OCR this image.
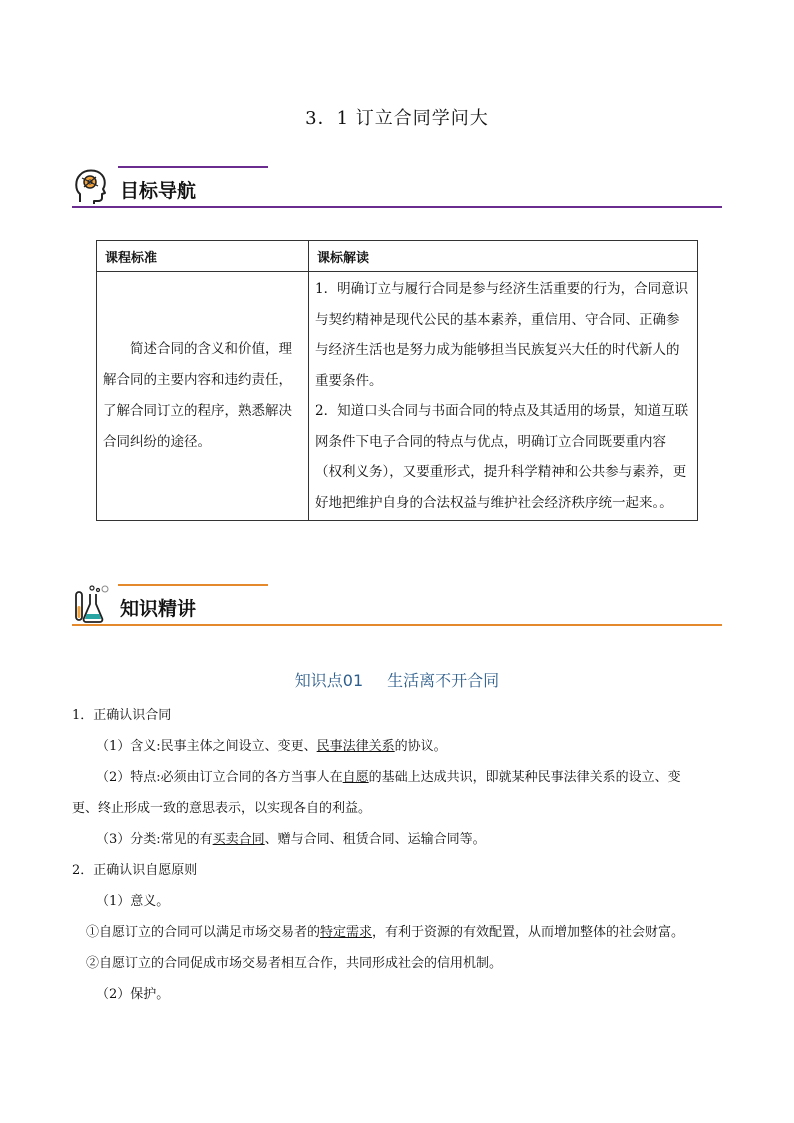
3．1 订立合同学问大
目标导航
课程标准	课标解读
简述合同的含义和价值，理解合同的主要内容和违约责任，了解合同订立的程序，熟悉解决合同纠纷的途径。	1．明确订立与履行合同是参与经济生活重要的行为，合同意识与契约精神是现代公民的基本素养，重信用、守合同、正确参与经济生活也是努力成为能够担当民族复兴大任的时代新人的重要条件。
2．知道口头合同与书面合同的特点及其适用的场景，知道互联网条件下电子合同的特点与优点，明确订立合同既要重内容（权利义务），又要重形式，提升科学精神和公共参与素养，更好地把维护自身的合法权益与维护社会经济秩序统一起来。。
知识精讲
知识点01 生活离不开合同

1．正确认识合同

（1）含义:民事主体之间设立、变更、民事法律关系的协议。

（2）特点:必须由订立合同的各方当事人在自愿的基础上达成共识，即就某种民事法律关系的设立、变

更、终止形成一致的意思表示，以实现各自的利益。

（3）分类:常见的有买卖合同、赠与合同、租赁合同、运输合同等。

2．正确认识自愿原则

（1）意义。

①自愿订立的合同可以满足市场交易者的特定需求，有利于资源的有效配置，从而增加整体的社会财富。

②自愿订立的合同促成市场交易者相互合作，共同形成社会的信用机制。

（2）保护。
